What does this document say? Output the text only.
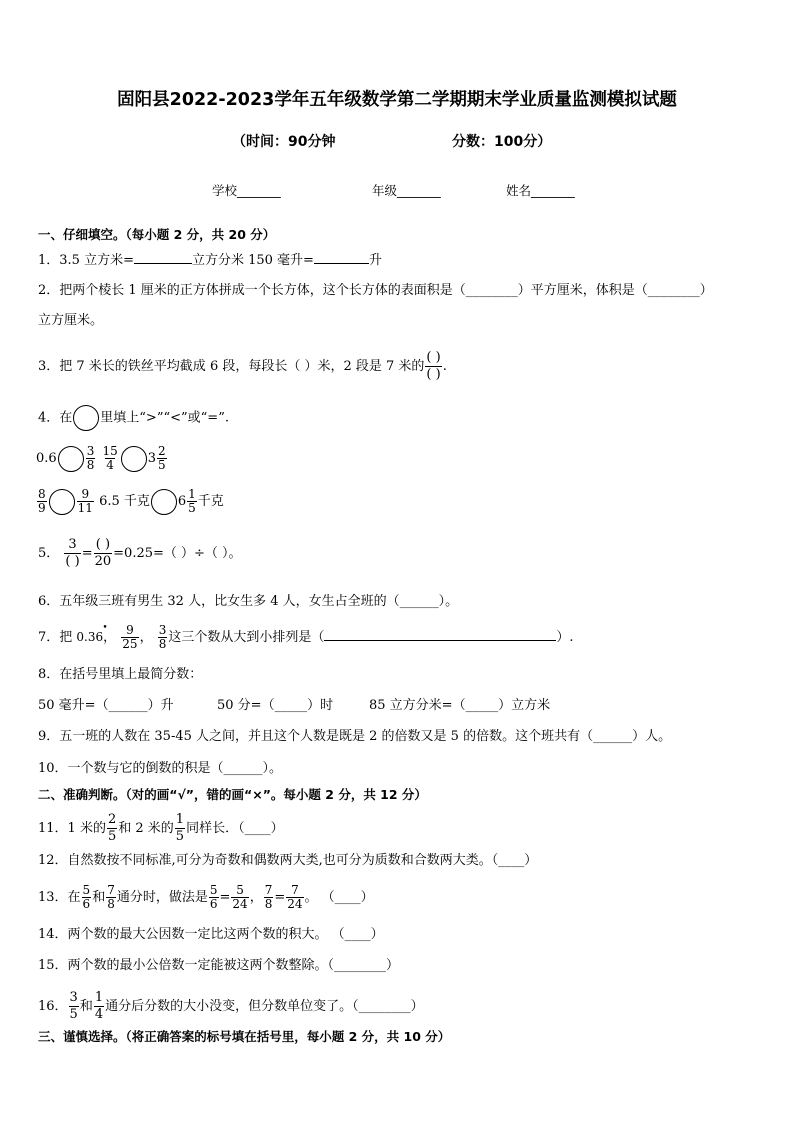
固阳县2022-2023学年五年级数学第二学期期末学业质量监测模拟试题
（时间：90分钟	分数：100分）
学校_______	年级_______	姓名_______
一、仔细填空。（每小题 2 分，共 20 分）
1．3.5 立方米=	立方分米 150 毫升=	升
2．把两个棱长 1 厘米的正方体拼成一个长方体，这个长方体的表面积是（________）平方厘米，体积是（________）
立方厘米。
3．把 7 米长的铁丝平均截成 6 段，每段长（ ）米，2 段是 7 米的 $\frac{( )}{( )}$ .
4．在 里填上“>”“<”或“=”.
$0.6 \frac{3}{8}$
$\frac{15}{4} 3 \frac{2}{5}$
$\frac{8}{9}$	$\frac{9}{11} 6.5$ 千克 $6 \frac{1}{5}$ 千克
5． $\frac{3}{( )} = \frac{( )}{20} =0.25=$（ ）÷（ ）。
6．五年级三班有男生 32 人，比女生多 4 人，女生占全班的（______）。
7．把 0.36
•
， $\frac{9}{25}$ ， $\frac{3}{8}$ 这三个数从大到小排列是（	）.
8．在括号里填上最简分数：
50 毫升=（______）升	50 分=（_____）时	85 立方分米=（_____）立方米
9．五一班的人数在 35-45 人之间，并且这个人数是既是 2 的倍数又是 5 的倍数。这个班共有（______）人。
10．一个数与它的倒数的积是（______）。
二、准确判断。（对的画“√”，错的画“×”。每小题 2 分，共 12 分）
11．1 米的 $\frac{2}{5}$ 和 2 米的 $\frac{1}{5}$ 同样长．（____）
12．自然数按不同标准,可分为奇数和偶数两大类,也可分为质数和合数两大类。（____）
13．在 $\frac{5}{6}$ 和 $\frac{7}{8}$ 通分时，做法是 $\frac{5}{6} = \frac{5}{24}$ ， $\frac{7}{8} = \frac{7}{24}$ 。 （____）
14．两个数的最大公因数一定比这两个数的积大。 （____）
15．两个数的最小公倍数一定能被这两个数整除。（________）
16． $\frac{3}{5}$ 和 $\frac{1}{4}$ 通分后分数的大小没变，但分数单位变了。（________）
三、谨慎选择。（将正确答案的标号填在括号里，每小题 2 分，共 10 分）
